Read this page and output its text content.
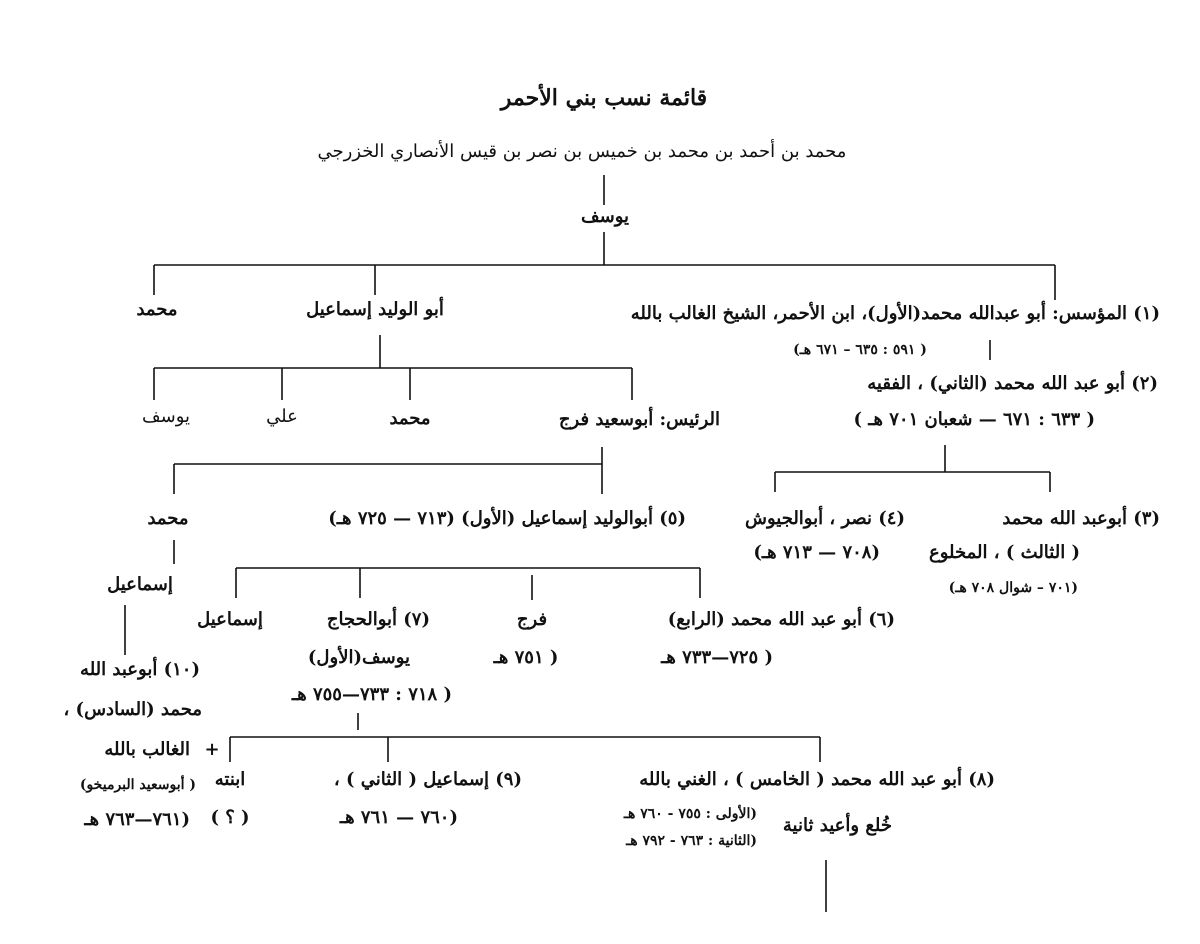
قائمة نسب بني الأحمر
محمد بن أحمد بن محمد بن خميس بن نصر بن قيس الأنصاري الخزرجي
يوسف
(١) المؤسس: أبو عبدالله محمد(الأول)، ابن الأحمر، الشيخ الغالب بالله
( ٥٩١ : ٦٣٥ – ٦٧١ هـ)
أبو الوليد إسماعيل
محمد
(٢) أبو عبد الله محمد (الثاني) ، الفقيه
( ٦٣٣ : ٦٧١ — شعبان ٧٠١ هـ )
الرئيس: أبوسعيد فرج
محمد
علي
يوسف
(٣) أبوعبد الله محمد
( الثالث ) ، المخلوع
(٧٠١ – شوال ٧٠٨ هـ)
(٤) نصر ، أبوالجيوش
(٧٠٨ — ٧١٣ هـ)
(٥) أبوالوليد إسماعيل (الأول) (٧١٣ — ٧٢٥ هـ)
محمد
إسماعيل
(٦) أبو عبد الله محمد (الرابع)
( ٧٢٥—٧٣٣ هـ
فرج
( ٧٥١ هـ
(٧) أبوالحجاج
يوسف(الأول)
( ٧١٨ : ٧٣٣—٧٥٥ هـ
إسماعيل
(١٠) أبوعبد الله
محمد (السادس) ،
الغالب بالله +
( أبوسعيد البرميخو)
(٧٦١—٧٦٣ هـ
(٨) أبو عبد الله محمد ( الخامس ) ، الغني بالله
(الأولى : ٧٥٥ - ٧٦٠ هـ
(الثانية : ٧٦٣ - ٧٩٢ هـ
خُلع وأعيد ثانية
(٩) إسماعيل ( الثاني ) ،
(٧٦٠ — ٧٦١ هـ
ابنته
( ؟ )
